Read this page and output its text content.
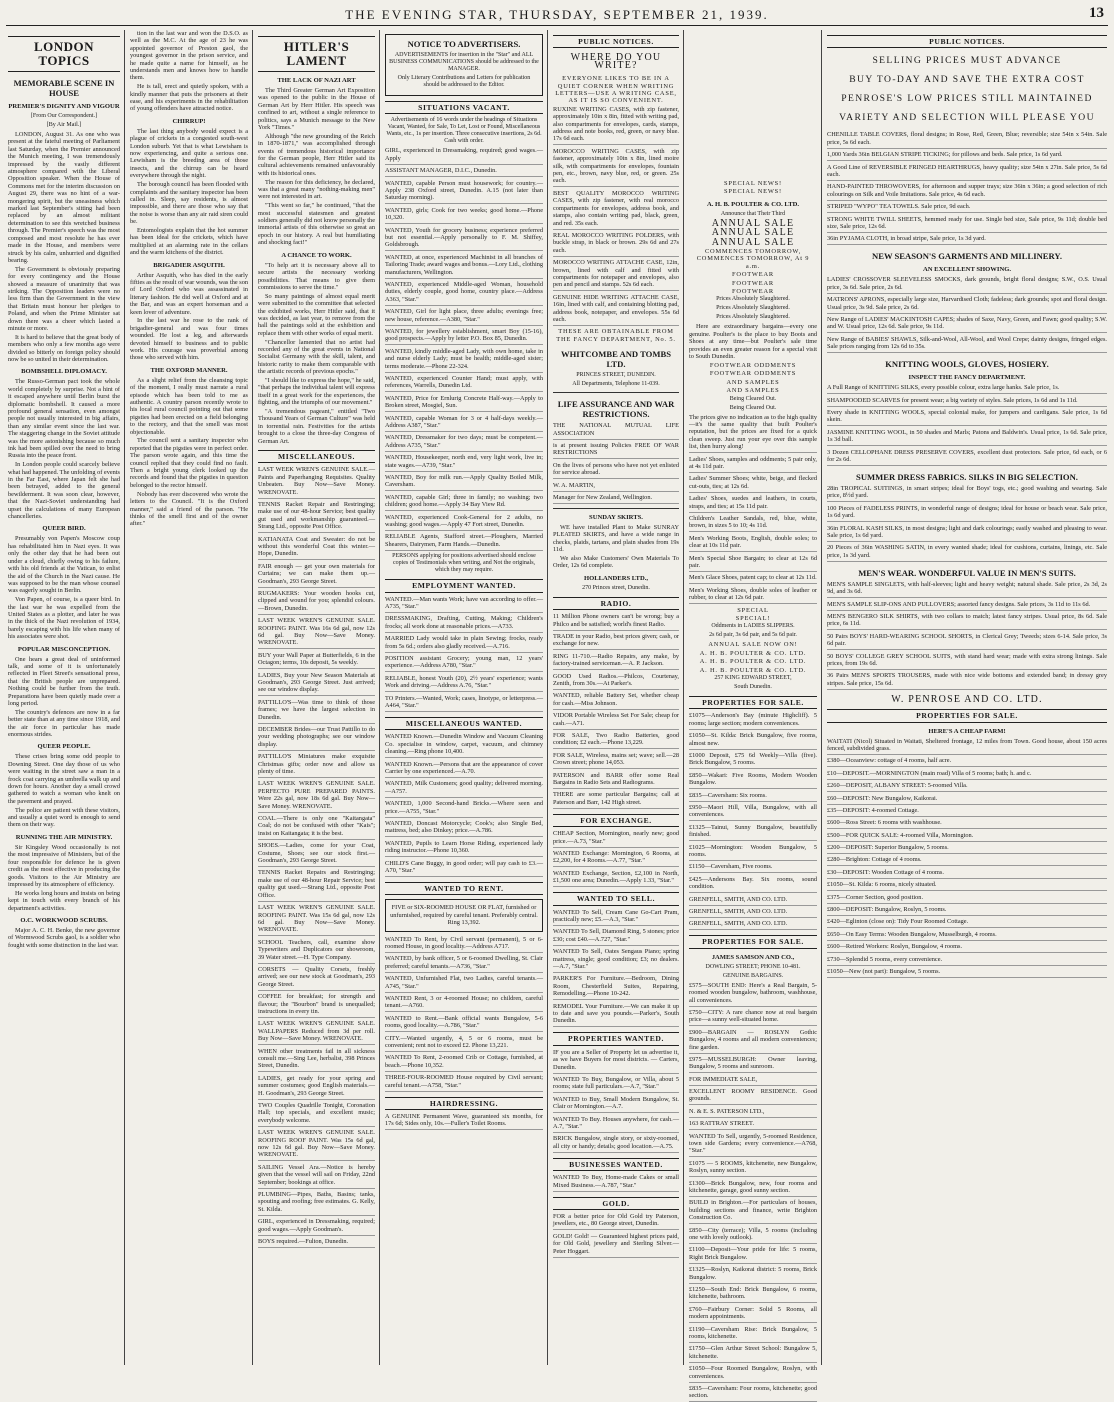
THE EVENING STAR, THURSDAY, SEPTEMBER 21, 1939.	13
LONDON TOPICS
MEMORABLE SCENE IN HOUSE
PREMIER'S DIGNITY AND VIGOUR
[From Our Correspondent.]
[By Air Mail.]

LONDON, August 31. As one who was present at the fateful meeting of Parliament last Saturday, when the Premier announced the Munich meeting, I was tremendously impressed by the vastly different atmosphere compared with the Liberal Opposition speaker. When the House of Commons met for the interim discussion on August 29, there was no hint of a war-mongering spirit, but the uneasiness which marked last September's sitting had been replaced by an almost militant determination to see this wretched business through. The Premier's speech was the most composed and most resolute he has ever made in the House, and members were struck by his calm, unhurried and dignified bearing.

The Government is obviously preparing for every contingency and the House showed a measure of unanimity that was striking. The Opposition leaders were no less firm than the Government in the view that Britain must honour her pledges to Poland, and when the Prime Minister sat down there was a cheer which lasted a minute or more.

It is hard to believe that the great body of members who only a few months ago were divided so bitterly on foreign policy should now be so united in their determination.

BOMBSHELL DIPLOMACY.

The Russo-German pact took the whole world completely by surprise. Not a hint of it escaped anywhere until Berlin burst the diplomatic bombshell. It caused a more profound general sensation, even amongst people not usually interested in big affairs, than any similar event since the last war. The staggering change in the Soviet attitude was the more astonishing because so much ink had been spilled over the need to bring Russia into the peace front.

In London people could scarcely believe what had happened. The unfolding of events in the Far East, where Japan felt she had been betrayed, added to the general bewilderment. It was soon clear, however, that the Nazi-Soviet understanding had upset the calculations of many European chancelleries.

QUEER BIRD.

Presumably von Papen's Moscow coup has rehabilitated him in Nazi eyes. It was only the other day that he had been out under a cloud, chiefly owing to his failure, with his old friends at the Vatican, to enlist the aid of the Church in the Nazi cause. He was supposed to be the man whose counsel was eagerly sought in Berlin.

Von Papen, of course, is a queer bird. In the last war he was expelled from the United States as a plotter, and later he was in the thick of the Nazi revolution of 1934, barely escaping with his life when many of his associates were shot.

POPULAR MISCONCEPTION.

One hears a great deal of uninformed talk, and some of it is unfortunately reflected in Fleet Street's sensational press, that the British people are unprepared. Nothing could be further from the truth. Preparations have been quietly made over a long period.

The country's defences are now in a far better state than at any time since 1918, and the air force in particular has made enormous strides.

QUEER PEOPLE.

These crises bring some odd people to Downing Street. One day those of us who were waiting in the street saw a man in a frock coat carrying an umbrella walk up and down for hours. Another day a small crowd gathered to watch a woman who knelt on the pavement and prayed.

The police are patient with these visitors, and usually a quiet word is enough to send them on their way.

RUNNING THE AIR MINISTRY.

Sir Kingsley Wood occasionally is not the most impressive of Ministers, but of the four responsible for defence he is given credit as the most effective in producing the goods. Visitors to the Air Ministry are impressed by its atmosphere of efficiency.

He works long hours and insists on being kept in touch with every branch of his department's activities.

O.C. WORKWOOD SCRUBS.

Major A. C. H. Benke, the new governor of Wormwood Scrubs gaol, is a soldier who fought with some distinction in the last war.

tion in the last war and won the D.S.O. as well as the M.C. At the age of 23 he was appointed governor of Preston gaol, the youngest governor in the prison service, and he made quite a name for himself, as he understands men and knows how to handle them.

He is tall, erect and quietly spoken, with a kindly manner that puts the prisoners at their ease, and his experiments in the rehabilitation of young offenders have attracted notice.

CHIRRUP!

The last thing anybody would expect is a plague of crickets in a congested south-west London suburb. Yet that is what Lewisham is now experiencing, and quite a serious one. Lewisham is the breeding area of those insects, and the chirrup can be heard everywhere through the night.

The borough council has been flooded with complaints and the sanitary inspector has been called in. Sleep, say residents, is almost impossible, and there are those who say that the noise is worse than any air raid siren could be.

Entomologists explain that the hot summer has been ideal for the crickets, which have multiplied at an alarming rate in the cellars and the warm kitchens of the district.

BRIGADIER ASQUITH.

Arthur Asquith, who has died in the early fifties as the result of war wounds, was the son of Lord Oxford who was assassinated in literary fashion. He did well at Oxford and at the Bar, and was an expert horseman and a keen lover of adventure.

In the last war he rose to the rank of brigadier-general and was four times wounded. He lost a leg, and afterwards devoted himself to business and to public work. His courage was proverbial among those who served with him.

THE OXFORD MANNER.

As a slight relief from the cleansing topic of the moment, I really must narrate a rural episode which has been told to me as authentic. A country parson recently wrote to his local rural council pointing out that some pigsties had been erected on a field belonging to the rectory, and that the smell was most objectionable.

The council sent a sanitary inspector who reported that the pigsties were in perfect order. The parson wrote again, and this time the council replied that they could find no fault. Then a bright young clerk looked up the records and found that the pigsties in question belonged to the rector himself.

Nobody has ever discovered who wrote the letters to the Council. "It is the Oxford manner," said a friend of the parson. "He thinks of the smell first and of the owner after."

HITLER'S LAMENT
THE LACK OF NAZI ART

The Third Greater German Art Exposition was opened to the public in the House of German Art by Herr Hitler. His speech was confined to art, without a single reference to politics, says a Munich message to the New York "Times."

Although "the new grounding of the Reich in 1870-1871," was accomplished through events of tremendous historical importance for the German people, Herr Hitler said its cultural achievements remained unfavourably with its historical ones.

The reason for this deficiency, he declared, was that a great many "nothing-making men" were not interested in art.

"This went so far," he continued, "that the most successful statesmen and greatest soldiers generally did not know personally the immortal artists of this otherwise so great an epoch in our history. A real but humiliating and shocking fact!"

A CHANCE TO WORK.

"To help art it is necessary above all to secure artists the necessary working possibilities. That means to give them commissions to serve the time."

So many paintings of almost equal merit were submitted to the committee that selected the exhibited works, Herr Hitler said, that it was decided, as last year, to remove from the hall the paintings sold at the exhibition and replace them with other works of equal merit.

"Chancellor lamented that no artist had recorded any of the great events in National Socialist Germany with the skill, talent, and historic rarity to make them comparable with the artistic records of previous epochs."

"I should like to express the hope," he said, "that perhaps the individual talent will express itself in a great work for the experiences, the fighting, and the triumphs of our movement."

"A tremendous pageant," entitled "Two Thousand Years of German Culture" was held in torrential rain. Festivities for the artists brought to a close the three-day Congress of German Art.

MISCELLANEOUS.
LAST WEEK WREN'S GENUINE SALE.—Paints and Paperhanging Requisites. Quality Unbeaten. Buy Now—Save Money. WRENOVATE.
TENNIS Racket Repair and Restringing; make use of our 48-hour Service; best quality gut used and workmanship guaranteed.—Strang Ltd., opposite Post Office.
KATIANATA Coat and Sweater: do not be without this wonderful Coat this winter.—Hope, Dunedin.
FAIR enough — get your own materials for Curtains; we can make them up.—Goodman's, 293 George Street.
RUGMAKERS: Your wooden hooks cut, clipped and wound for you; splendid colours.—Brown, Dunedin.
LAST WEEK WREN'S GENUINE SALE. ROOFING PAINT. Was 16s 6d gal, now 12s 6d gal. Buy Now—Save Money. WRENOVATE.
BUY your Wall Paper at Butterfields, 6 in the Octagon; terms, 10s deposit, 5s weekly.
LADIES, Buy your New Season Materials at Goodman's, 293 George Street. Just arrived; see our window display.
PATTILLO'S—Was time to think of those frames; we have the largest selection in Dunedin.
DECEMBER Brides—our Trust Pattillo to do your wedding photographs; see our window display.
PATTILLO'S Miniatures make exquisite Christmas gifts; order now and allow us plenty of time.
LAST WEEK WREN'S GENUINE SALE. PERFECTO PURE PREPARED PAINTS. Were 22s gal, now 18s 6d gal. Buy Now—Save Money. WRENOVATE.
COAL.—There is only one "Kaitangata" Coal; do not be confused with other "Kais"; insist on Kaitangata; it is the best.
SHOES.—Ladies, come for your Coat, Costume, Shoes; see our stock first.—Goodman's, 293 George Street.
TENNIS Racket Repairs and Restringing; make use of our 48-hour Repair Service; best quality gut used.—Strang Ltd., opposite Post Office.
LAST WEEK WREN'S GENUINE SALE. ROOFING PAINT. Was 15s 6d gal, now 12s 6d gal. Buy Now—Save Money. WRENOVATE.
SCHOOL Teachers, call, examine show Typewriters and Duplicators our showroom, 39 Water street.—H. Type Company.
CORSETS — Quality Corsets, freshly arrived; see our new stock at Goodman's, 293 George Street.
COFFEE for breakfast; for strength and flavour; the "Bourbon" brand is unequalled; instructions in every tin.
LAST WEEK WREN'S GENUINE SALE. WALLPAPERS Reduced from 3d per roll. Buy Now—Save Money. WRENOVATE.
WHEN other treatments fail in all sickness consult me.—Sing Lee, herbalist, 398 Princes Street, Dunedin.
LADIES, get ready for your spring and summer costumes; good English materials.—H. Goodman's, 293 George Street.
TWO Couples Quadrille Tonight, Coronation Hall; top specials, and excellent music; everybody welcome.
LAST WEEK WREN'S GENUINE SALE. ROOFING ROOF PAINT. Was 15s 6d gal, now 12s 6d gal. Buy Now—Save Money. WRENOVATE.
SAILING Vessel Ara.—Notice is hereby given that the vessel will sail on Friday, 22nd September; bookings at office.
PLUMBING—Pipes, Baths, Basins; tanks, spouting and roofing; free estimates. G. Kelly, St. Kilda.
GIRL, experienced in Dressmaking, required; good wages.—Apply Goodman's.
BOYS required.—Fulton, Dunedin.
NOTICE TO ADVERTISERS.
ADVERTISEMENTS for insertion in the "Star" and ALL BUSINESS COMMUNICATIONS should be addressed to the MANAGER.
Only Literary Contributions and Letters for publication should be addressed to the Editor.
SITUATIONS VACANT.
Advertisements of 16 words under the headings of Situations Vacant, Wanted, for Sale, To Let, Lost or Found, Miscellaneous Wants, etc., 1s per insertion. Three consecutive insertions, 2s 6d. Cash with order.
GIRL, experienced in Dressmaking, required; good wages.—Apply
ASSISTANT MANAGER, D.I.C., Dunedin.
WANTED, capable Person must housework; for country.—Apply 238 Oxford street, Dunedin. A.15 (not later than Saturday morning).
WANTED, girls; Cook for two weeks; good home.—Phone 10,320.
WANTED, Youth for grocery business; experience preferred but not essential.—Apply personally to F. M. Shiffey, Goldsbrough.
WANTED, at once, experienced Machinist in all branches of Tailoring Trade; award wages and bonus.—Lory Ltd., clothing manufacturers, Wellington.
WANTED, experienced Middle-aged Woman, household duties, elderly couple, good home, country place.—Address A363, "Star."
WANTED, Girl for light place, three adults; evenings free; new house, reference.—A380, "Star."
WANTED, for jewellery establishment, smart Boy (15-16), good prospects.—Apply by letter P.O. Box 85, Dunedin.
WANTED, kindly middle-aged Lady, with own home, take in and nurse elderly Lady; must be health; middle-aged sister; terms moderate.—Phone 22-324.
WANTED, experienced Counter Hand; must apply, with references, Warrells, Dunedin Ltd.
WANTED, Price for Ernlurig Concrete Half-way.—Apply to Broken street, Mosgiel, Sun.
WANTED, capable Woman for 3 or 4 half-days weekly.—Address A387, "Star."
WANTED, Dressmaker for two days; must be competent.—Address A735, "Star."
WANTED, Housekeeper, north end, very light work, live in; state wages.—A739, "Star."
WANTED, Boy for milk run.—Apply Quality Boiled Milk, Caversham.
WANTED, capable Girl; three in family; no washing; two children; good home.—Apply 34 Bay View Rd.
WANTED, experienced Cook-General for 2 adults, no washing; good wages.—Apply 47 Fort street, Dunedin.
RELIABLE Agents, Stafford street.—Ploughers, Married Shearers, Dairymen, Farm Hands.—Dunedin.
PERSONS applying for positions advertised should enclose copies of Testimonials when writing, and Not the originals, which they may require.
EMPLOYMENT WANTED.
WANTED.—Man wants Work; have van according to offer.—A735, "Star."
DRESSMAKING, Drafting, Cutting, Making; Children's frocks; all work done at reasonable prices.—A733.
MARRIED Lady would take in plain Sewing; frocks, ready from 5s 6d.; orders also gladly received.—A.716.
POSITION assistant Grocery; young man, 12 years' experience.—Address A780, "Star."
RELIABLE, honest Youth (20), 2½ years' experience; wants Work and driving.—Address A.76, "Star."
TO Printers.—Wanted, Work; cases, linotype, or letterpress.—A464, "Star."
MISCELLANEOUS WANTED.
WANTED Known.—Dunedin Window and Vacuum Cleaning Co. specialise in window, carpet, vacuum, and chimney cleaning.—Ring phone 10,400.
WANTED Known.—Persons that are the appearance of cover Carrier by one experienced.—A.70.
WANTED, Milk Customers; good quality; delivered morning.—A757.
WANTED, 1,000 Second-hand Bricks.—Where seen and price.—A755, "Star."
WANTED, Doncast Motorcycle; Cook's; also Single Bed, mattress, bed; also Dinkey; price.—A.786.
WANTED, Pupils to Learn Horse Riding, experienced lady riding instructor.—Phone 10,360.
CHILD'S Cane Buggy, in good order; will pay cash to £3.—A70, "Star."
WANTED TO RENT.
FIVE or SIX-ROOMED HOUSE OR FLAT, furnished or unfurnished, required by careful tenant. Preferably central. Ring 13,392.
WANTED To Rent, by Civil servant (permanent), 5 or 6-roomed House, in good locality.—Address A717.
WANTED, by bank officer, 5 or 6-roomed Dwelling, St. Clair preferred; careful tenants.—A736, "Star."
WANTED, Unfurnished Flat, two Ladies, careful tenants.—A745, "Star."
WANTED Rent, 3 or 4-roomed House; no children, careful tenant.—A760.
WANTED to Rent.—Bank official wants Bungalow, 5-6 rooms, good locality.—A.786, "Star."
CITY.—Wanted urgently, 4, 5 or 6 rooms, must be convenient; rent not to exceed £2. Phone 13,221.
WANTED To Rent, 2-roomed Crib or Cottage, furnished, at beach.—Phone 10,352.
THREE-FOUR-ROOMED House required by Civil servant; careful tenant.—A758, "Star."
HAIRDRESSING.
A GENUINE Permanent Wave, guaranteed six months, for 17s 6d; Sides only, 10s.—Fuller's Toilet Rooms.
PUBLIC NOTICES.
WHERE DO YOU WRITE?
EVERYONE LIKES TO BE IN A QUIET CORNER WHEN WRITING LETTERS—USE A WRITING CASE, AS IT IS SO CONVENIENT.
RUXINE WRITING CASES, with zip fastener, approximately 10in x 8in, fitted with writing pad, also compartments for envelopes, cards, stamps, address and note books, red, green, or navy blue. 17s 6d each.
MOROCCO WRITING CASES, with zip fastener, approximately 10in x 8in, lined moire silk, with compartments for envelopes, fountain pen, etc., brown, navy blue, red, or green. 25s each.
BEST QUALITY MOROCCO WRITING CASES, with zip fastener, with real morocco compartments for envelopes, address book, and stamps, also contain writing pad, black, green, and red. 35s each.
REAL MOROCCO WRITING FOLDERS, with buckle strap, in black or brown. 29s 6d and 27s each.
MOROCCO WRITING ATTACHE CASE, 12in, brown, lined with calf and fitted with compartments for notepaper and envelopes, also pen and pencil and stamps. 52s 6d each.
GENUINE HIDE WRITING ATTACHE CASE, 16in, lined with calf, and containing blotting pad, address book, notepaper, and envelopes. 55s 6d each.
THESE ARE OBTAINABLE FROM THE FANCY DEPARTMENT, No. 5.
WHITCOMBE AND TOMBS LTD.
PRINCES STREET, DUNEDIN.
All Departments, Telephone 11-039.
LIFE ASSURANCE AND WAR RESTRICTIONS.
THE NATIONAL MUTUAL LIFE ASSOCIATION
is at present issuing Policies FREE OF WAR RESTRICTIONS
On the lives of persons who have not yet enlisted for service abroad.
W. A. MARTIN,
Manager for New Zealand, Wellington.
SUNDAY SKIRTS.

WE have installed Plant to Make SUNRAY PLEATED SKIRTS, and have a wide range in checks, plaids, tartans, and plain shades from 19s 11d.

We also Make Customers' Own Materials To Order, 12s 6d complete.

HOLLANDERS LTD.,
270 Princes street, Dunedin.
RADIO.
11 Million Phone owners can't be wrong; buy a Philco and be satisfied; world's finest Radio.
TRADE in your Radio, best prices given; cash, or exchange for new.
RING 11-710.—Radio Repairs, any make, by factory-trained serviceman.—A. P. Jackson.
GOOD Used Radios.—Philcos, Courtenay, Zenith, from 30s.—At Parker's.
WANTED, reliable Battery Set, whether cheap for cash.—Miss Johnson.
VIDOR Portable Wireless Set For Sale; cheap for cash.—A71.
FOR SALE, Two Radio Batteries, good condition; £2 each.—Phone 13,229.
FOR SALE, Wireless, mains set; wave; sell.—28 Crown street; phone 14,053.
PATERSON and BARR offer some Real Bargains in Radio Sets and Radiograms.
THERE are some particular Bargains; call at Paterson and Barr, 142 High street.
FOR EXCHANGE.
CHEAP Section, Mornington, nearly new; good price.—A.73, "Star."
WANTED Exchange: Mornington, 6 Rooms, at £2,200, for 4 Rooms.—A.77, "Star."
WANTED Exchange, Section, £2,100 in North, £1,500 one area; Dunedin.—Apply 1.33, "Star."
WANTED TO SELL.
WANTED To Sell, Cream Cane Go-Cart Pram, practically new; £5.—A.3, "Star."
WANTED To Sell, Diamond Ring, 5 stones; price £30; cost £40.—A.727, "Star."
WANTED To Sell, Oates Sengaus Piano; spring mattress, single; good condition; £3; no dealers.—A.7, "Star."
PARKER'S For Furniture.—Bedroom, Dining Room, Chesterfield Suites, Repairing, Remodelling.—Phone 10-242.
REMODEL Your Furniture.—We can make it up to date and save you pounds.—Parker's, South Dunedin.
PROPERTIES WANTED.
IF you are a Seller of Property let us advertise it, as we have Buyers for most districts. — Carters, Dunedin.
WANTED To Buy, Bungalow, or Villa, about 5 rooms; state full particulars.—A.7, "Star."
WANTED to Buy, Small Modern Bungalow, St. Clair or Mornington.—A.7.
WANTED To Buy. Houses anywhere, for cash.—A.7, "Star."
BRICK Bungalow, single story, or sixty-roomed, all city or handy; details; good location.—A.75.
BUSINESSES WANTED.
WANTED To Buy, Home-made Cakes or small Mixed Business.—A.787, "Star."
GOLD.
FOR a better price for Old Gold try Paterson, jewellers, etc., 80 George street, Dunedin.
GOLD! Gold! — Guaranteed highest prices paid, for Old Gold, jewellery and Sterling Silver.—Peter Hoggart.
SPECIAL NEWS!
SPECIAL NEWS!
A. H. B. POULTER & CO. LTD.
Announce that Their Third
ANNUAL SALE
ANNUAL SALE
ANNUAL SALE
COMMENCES TOMORROW, COMMENCES TOMORROW, At 9 a.m.
FOOTWEAR
FOOTWEAR
FOOTWEAR
Prices Absolutely Slaughtered.
Prices Absolutely Slaughtered.
Prices Absolutely Slaughtered.

Here are extraordinary bargains—every one genuine. Poulter's is the place to buy Boots and Shoes at any time—but Poulter's sale time provides an even greater reason for a special visit to South Dunedin.

FOOTWEAR ODDMENTS
FOOTWEAR ODDMENTS
AND SAMPLES
AND SAMPLES
Being Cleared Out.
Being Cleared Out.
The prices give no indication as to the high quality—it's the same quality that built Poulter's reputation, but the prices are fixed for a quick clean sweep. Just run your eye over this sample list, then hurry along!
Ladies' Shoes, samples and oddments; 5 pair only, at 4s 11d pair.
Ladies' Summer Shoes; white, beige, and flecked cut-outs, ties; at 12s 6d.
Ladies' Shoes, suedes and leathers, in courts, straps, and ties; at 15s 11d pair.
Children's Leather Sandals, red, blue, white, brown, in sizes 5 to 10; 4s 11d.
Men's Working Boots, English, double soles; to clear at 10s 11d pair.
Men's Special Shoe Bargain; to clear at 12s 6d pair.
Men's Glace Shoes, patent cap; to clear at 12s 11d.
Men's Working Shoes, double soles of leather or rubber, to clear at 12s 6d pair.
SPECIAL
SPECIAL!
Oddments in LADIES SLIPPERS.
2s 6d pair, 3s 6d pair, and 5s 6d pair.
ANNUAL SALE NOW ON!
A. H. B. POULTER & CO. LTD.
A. H. B. POULTER & CO. LTD.
A. H. B. POULTER & CO. LTD.
257 KING EDWARD STREET,
South Dunedin.
PROPERTIES FOR SALE.
£1075—Anderson's Bay (minute Highcliff). 5 rooms; large section; modern conveniences.
£1050—St. Kilda: Brick Bungalow, five rooms, almost new.
£1000 Deposit, £75 6d Weekly—Villa (five). Brick Bungalow, 5 rooms.
£850—Wakari: Five Rooms, Modern Wooden Bungalow.
£835—Caversham: Six rooms.
£950—Maori Hill, Villa, Bungalow, with all conveniences.
£1325—Tainui, Sunny Bungalow, beautifully finished.
£1025—Mornington: Wooden Bungalow, 5 rooms.
£1150—Caversham, Five rooms.
£425—Andersons Bay. Six rooms, sound condition.
GRENFELL, SMITH, AND CO. LTD.
GRENFELL, SMITH, AND CO. LTD.
GRENFELL, SMITH, AND CO. LTD.
PROPERTIES FOR SALE.
JAMES SAMSON AND CO.,
DOWLING STREET; PHONE 10-481.
GENUINE BARGAINS.
£575—SOUTH END: Here's a Real Bargain, 5-roomed wooden bungalow, bathroom, washhouse, all conveniences.
£750—CITY: A rare chance now at real bargain price—a sunny well-situated home.
£900—BARGAIN — ROSLYN Gothic Bungalow, 4 rooms and all modern conveniences; fine garden.
£975—MUSSELBURGH: Owner leaving, Bungalow, 5 rooms and sunroom.
FOR IMMEDIATE SALE,
EXCELLENT ROOMY RESIDENCE. Good grounds.
N. & E. S. PATERSON LTD.,
163 RATTRAY STREET.
WANTED To Sell, urgently, 5-roomed Residence, town side Gardens; every convenience.—A768, "Star."
£1075 — 5 ROOMS, kitchenette, new Bungalow, Roslyn, sunny section.
£1300—Brick Bungalow, new, four rooms and kitchenette, garage, good sunny section.
BUILD in Brighton.—For particulars of houses, building sections and finance, write Brighton Construction Co.
£850—City (terrace); Villa, 5 rooms (including one with lovely outlook).
£1100—Deposit—Your pride for life: 5 rooms, Right Brick Bungalow.
£1325—Roslyn, Kaikorai district: 5 rooms, Brick Bungalow.
£1250—South End: Brick Bungalow, 6 rooms, kitchenette, bathroom.
£760—Fairbury Corner: Solid 5 Rooms, all modern appointments.
£1190—Caversham Rise: Brick Bungalow, 5 rooms, kitchenette.
£1750—Glen Arthur Street School: Bungalow 5, kitchenette.
£1050—Four Roomed Bungalow, Roslyn, with conveniences.
£835—Caversham: Four rooms, kitchenette; good section.
PUBLIC NOTICES.
SELLING PRICES MUST ADVANCE
BUY TO-DAY AND SAVE THE EXTRA COST
PENROSE'S LOW PRICES STILL MAINTAINED
VARIETY AND SELECTION WILL PLEASE YOU
CHENILLE TABLE COVERS, floral designs; in Rose, Red, Green, Blue; reversible; size 54in x 54in. Sale price, 5s 6d each.
1,000 Yards 36in BELGIAN STRIPE TICKING; for pillows and beds. Sale price, 1s 6d yard.
A Good Line of REVERSIBLE FRINGED HEARTHRUGS, heavy quality; size 54in x 27in. Sale price, 5s 6d each.
HAND-PAINTED THROWOVERS, for afternoon and supper trays; size 36in x 36in; a good selection of rich colourings on Silk and Voile Imitations. Sale price, 4s 6d each.
STRIPED "WYPO" TEA TOWELS. Sale price, 9d each.
STRONG WHITE TWILL SHEETS, hemmed ready for use. Single bed size, Sale price, 9s 11d; double bed size, Sale price, 12s 6d.
36in PYJAMA CLOTH, in broad stripe, Sale price, 1s 3d yard.
NEW SEASON'S GARMENTS AND MILLINERY.
AN EXCELLENT SHOWING.
LADIES' CROSSOVER SLEEVELESS SMOCKS, dark grounds, bright floral designs; S.W., O.S. Usual price, 3s 6d. Sale price, 2s 6d.
MATRONS' APRONS, especially large size, Harvardised Cloth; fadeless; dark grounds; spot and floral design. Usual price, 3s 9d. Sale price, 2s 6d.
New Range of LADIES' MACKINTOSH CAPES; shades of Saxe, Navy, Green, and Fawn; good quality; S.W. and W. Usual price, 12s 6d. Sale price, 9s 11d.
New Range of BABIES' SHAWLS, Silk-and-Wool, All-Wool, and Wool Crepe; dainty designs, fringed edges. Sale prices ranging from 12s 6d to 35s.
KNITTING WOOLS, GLOVES, HOSIERY.
INSPECT THE FANCY DEPARTMENT.
A Full Range of KNITTING SILKS, every possible colour, extra large hanks. Sale price, 1s.
SHAMPOODED SCARVES for present wear; a big variety of styles. Sale prices, 1s 6d and 1s 11d.
Every shade in KNITTING WOOLS, special colonial make, for jumpers and cardigans. Sale price, 1s 6d skein.
JASMINE KNITTING WOOL, in 50 shades and Marls; Patons and Baldwin's. Usual price, 1s 6d. Sale price, 1s 3d ball.
3 Dozen CELLOPHANE DRESS PRESERVE COVERS, excellent dust protectors. Sale price, 6d each, or 6 for 2s 6d.
SUMMER DRESS FABRICS. SILKS IN BIG SELECTION.
28in TROPICAL SUITINGS, in smart stripes; ideal for Boys' togs, etc.; good washing and wearing. Sale price, 8½d yard.
100 Pieces of FADELESS PRINTS, in wonderful range of designs; ideal for house or beach wear. Sale price, 1s 6d yard.
36in FLORAL KASH SILKS, in most designs; light and dark colourings; easily washed and pleasing to wear. Sale price, 1s 6d yard.
20 Pieces of 36in WASHING SATIN, in every wanted shade; ideal for cushions, curtains, linings, etc. Sale price, 1s 3d yard.
MEN'S WEAR. WONDERFUL VALUE IN MEN'S SUITS.
MEN'S SAMPLE SINGLETS, with half-sleeves; light and heavy weight; natural shade. Sale price, 2s 3d, 2s 9d, and 3s 6d.
MEN'S SAMPLE SLIP-ONS AND PULLOVERS; assorted fancy designs. Sale prices, 3s 11d to 11s 6d.
MEN'S BENGERO SILK SHIRTS, with two collars to match; latest fancy stripes. Usual price, 8s 6d. Sale price, 6s 11d.
50 Pairs BOYS' HARD-WEARING SCHOOL SHORTS, in Clerical Grey; Tweeds; sizes 6-14. Sale price, 3s 6d pair.
50 BOYS' COLLEGE GREY SCHOOL SUITS, with stand hard wear; made with extra strong linings. Sale prices, from 19s 6d.
36 Pairs MEN'S SPORTS TROUSERS, made with nice wide bottoms and extended band; in dressy grey stripes. Sale price, 15s 6d.
W. PENROSE AND CO. LTD.
PROPERTIES FOR SALE.
HERE'S A CHEAP FARM!
WAITATI (Nicol) Situated in Waitati, Sheltered frontage, 12 miles from Town. Good house, about 150 acres fenced, subdivided grass.
£380—Oceanview: cottage of 4 rooms, half acre.
£10—DEPOSIT.—MORNINGTON (main road) Villa of 5 rooms; bath; h. and c.
£260—DEPOSIT, ALBANY STREET: 5-roomed Villa.
£60—DEPOSIT: New Bungalow, Kaikorai.
£35—DEPOSIT: 4-roomed Cottage.
£600—Ross Street: 6 rooms with washhouse.
£500—FOR QUICK SALE: 4-roomed Villa, Mornington.
£200—DEPOSIT: Superior Bungalow, 5 rooms.
£280—Brighton: Cottage of 4 rooms.
£30—DEPOSIT: Wooden Cottage of 4 rooms.
£1050—St. Kilda: 6 rooms, nicely situated.
£375—Corner Section, good position.
£800—DEPOSIT: Bungalow, Roslyn, 5 rooms.
£420—Eglinton (close on): Tidy Four Roomed Cottage.
£650—On Easy Terms: Wooden Bungalow, Musselburgh, 4 rooms.
£600—Retired Workers: Roslyn, Bungalow, 4 rooms.
£730—Splendid 5 rooms, every convenience.
£1050—New (not part): Bungalow, 5 rooms.
